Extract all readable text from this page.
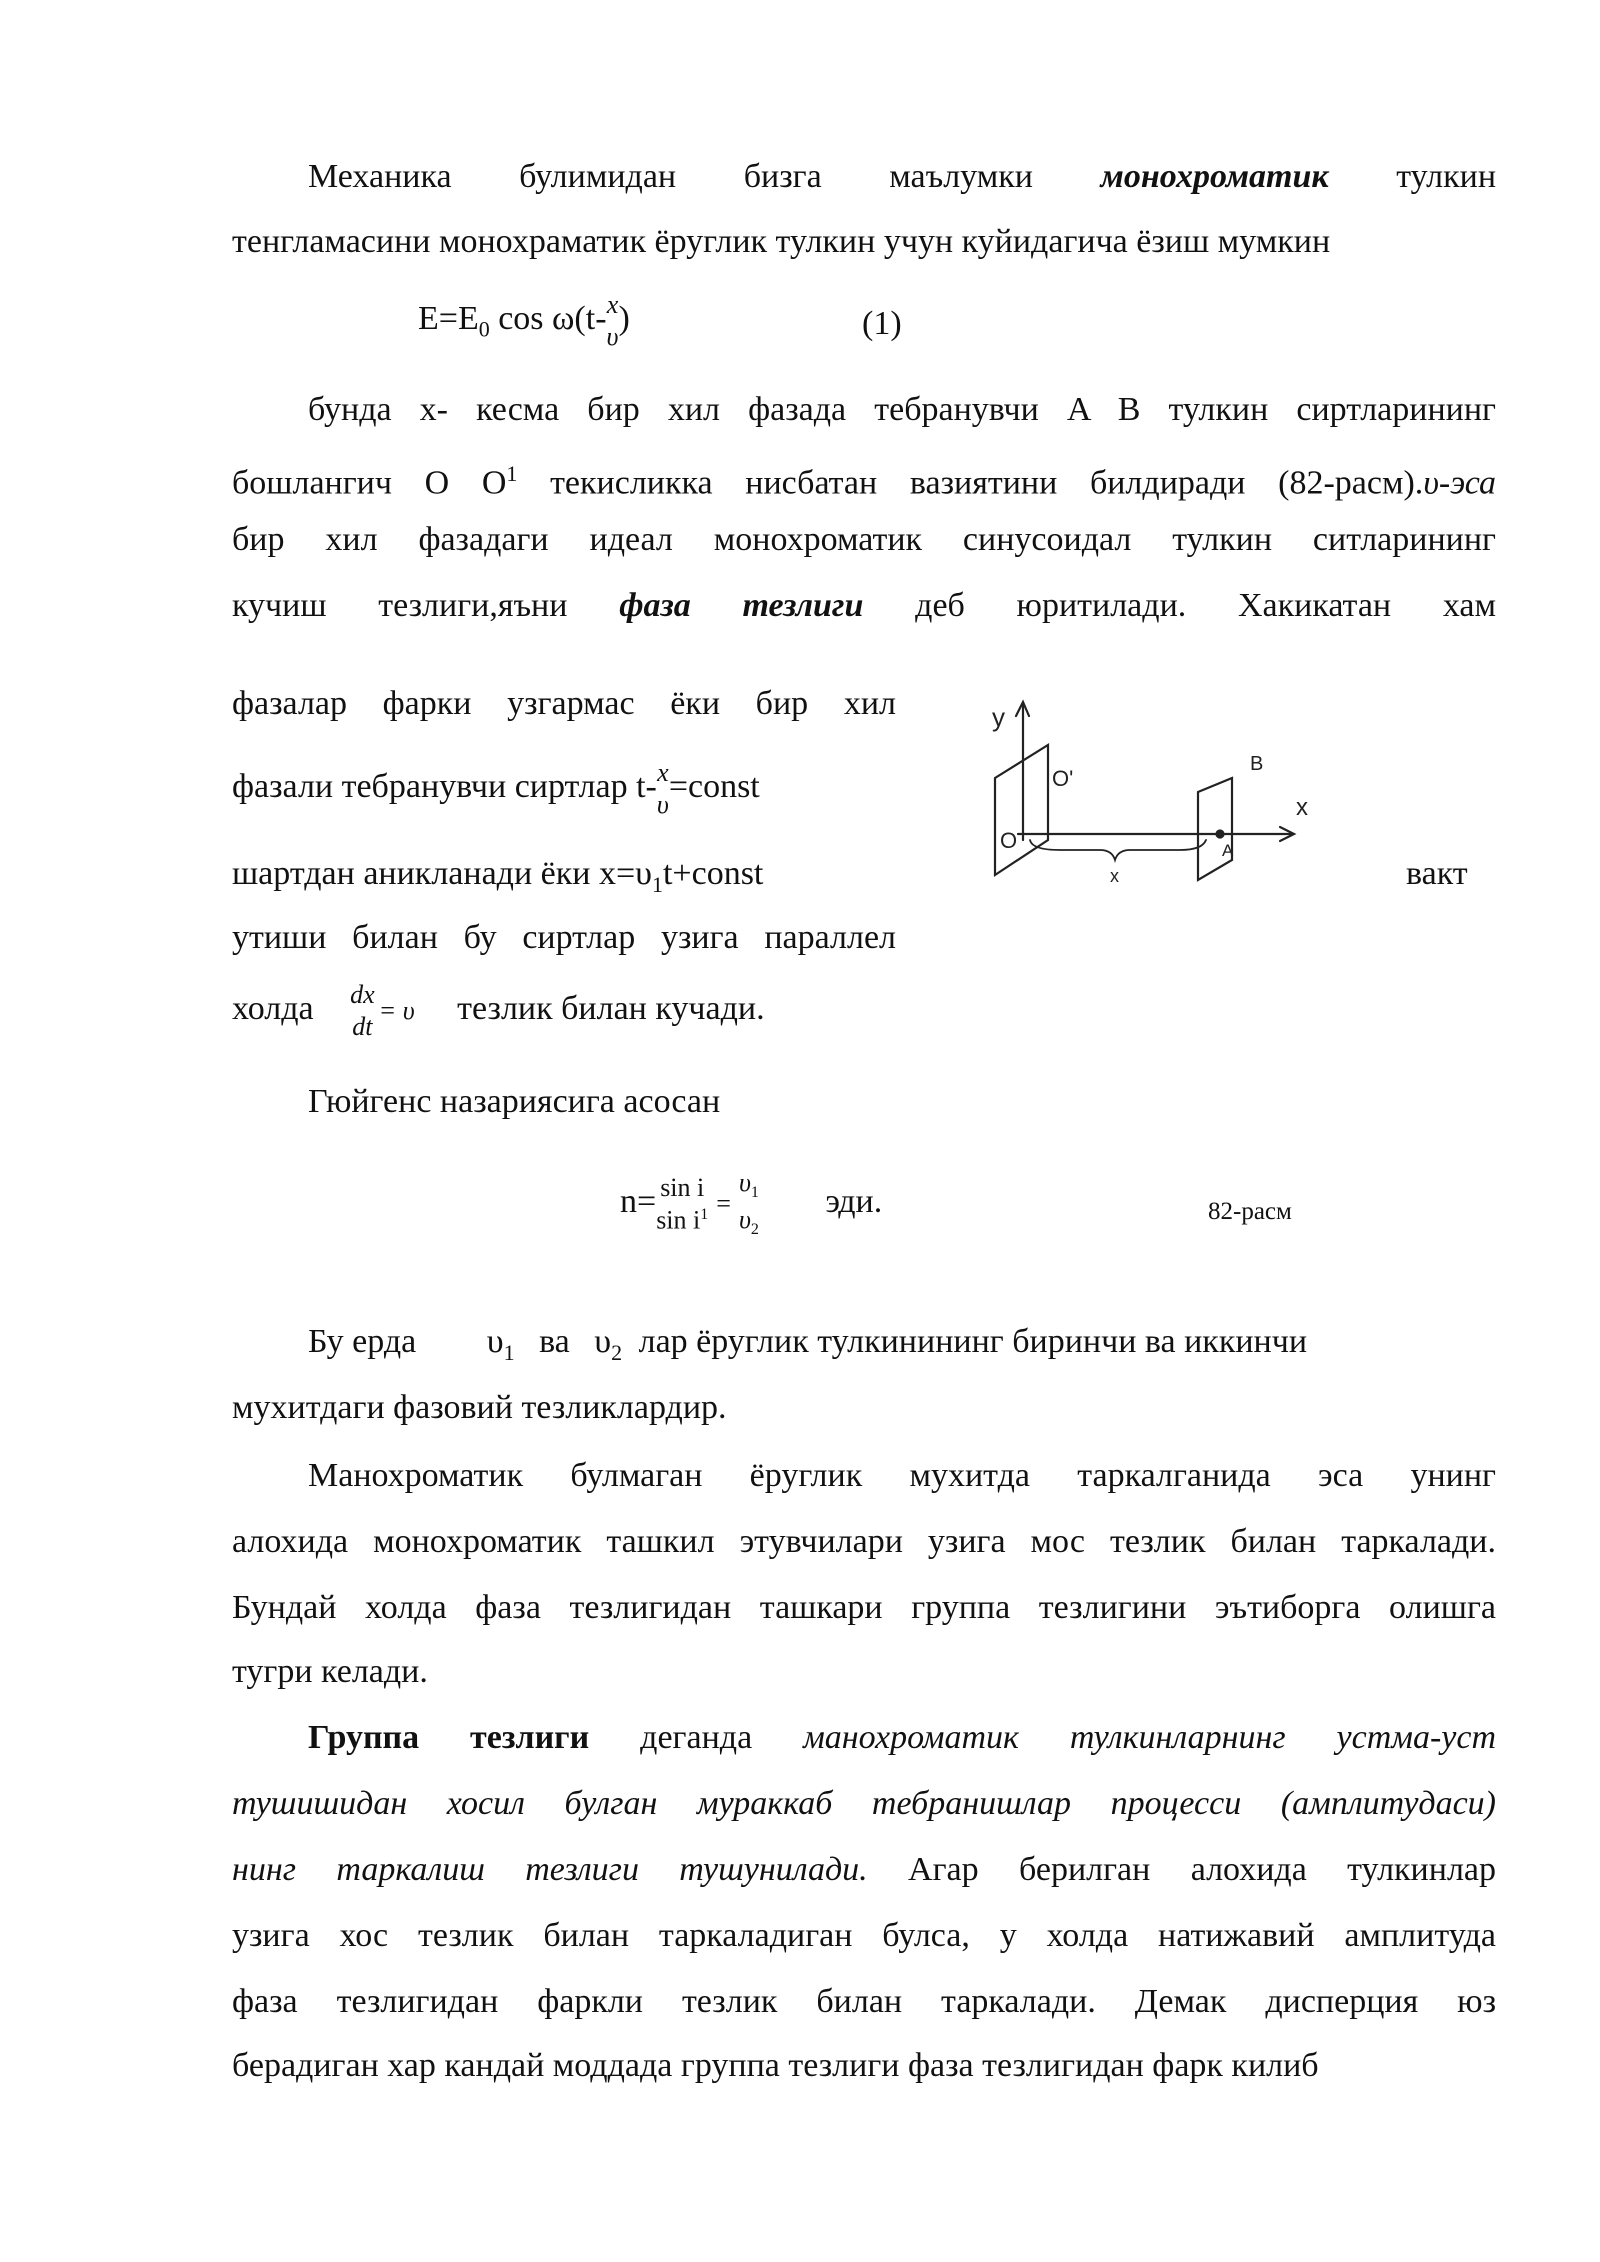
Механика булимидан бизга маълумки монохроматик тулкин
тенгламасини монохраматик ёруглик тулкин учун куйидагича ёзиш мумкин
$E=E_0$ cos ω(t- x
υ )	(1)
бунда x- кесма бир хил фазада тебранувчи A B тулкин сиртларининг
бошлангич O $O^1$ текисликка нисбатан вазиятини билдиради (82-расм).υ-эса
бир хил фазадаги идеал монохроматик синусоидал тулкин ситларининг
кучиш тезлиги,яъни фаза тезлиги деб юритилади. Хакикатан хам
фазалар фарки узгармас ёки бир хил
фазали тебранувчи сиртлар t- x
υ =const
шартдан аникланади ёки $x=\upsilon_1t+const$	вакт
утиши билан бу сиртлар узига параллел
холда dx
dt
= υ тезлик билан кучади.
Гюйгенс назариясига асосан
n= sin i
$\sin i^1$ =
$\upsilon_1$
$\upsilon_2$
эди.
y
O'
O
x
A
B
x
82-расм
Бу ерда $\upsilon_1$ ва $\upsilon_2$ лар ёруглик тулкинининг биринчи ва иккинчи
мухитдаги фазовий тезликлардир.
Манохроматик булмаган ёруглик мухитда таркалганида эса унинг
алохида монохроматик ташкил этувчилари узига мос тезлик билан таркалади.
Бундай холда фаза тезлигидан ташкари группа тезлигини эътиборга олишга
тугри келади.
Группа тезлиги деганда манохроматик тулкинларнинг устма-уст
тушишидан хосил булган мураккаб тебранишлар процесси (амплитудаси)
нинг таркалиш тезлиги тушунилади. Агар берилган алохида тулкинлар
узига хос тезлик билан таркаладиган булса, у холда натижавий амплитуда
фаза тезлигидан фаркли тезлик билан таркалади. Демак дисперция юз
берадиган хар кандай моддада группа тезлиги фаза тезлигидан фарк килиб
